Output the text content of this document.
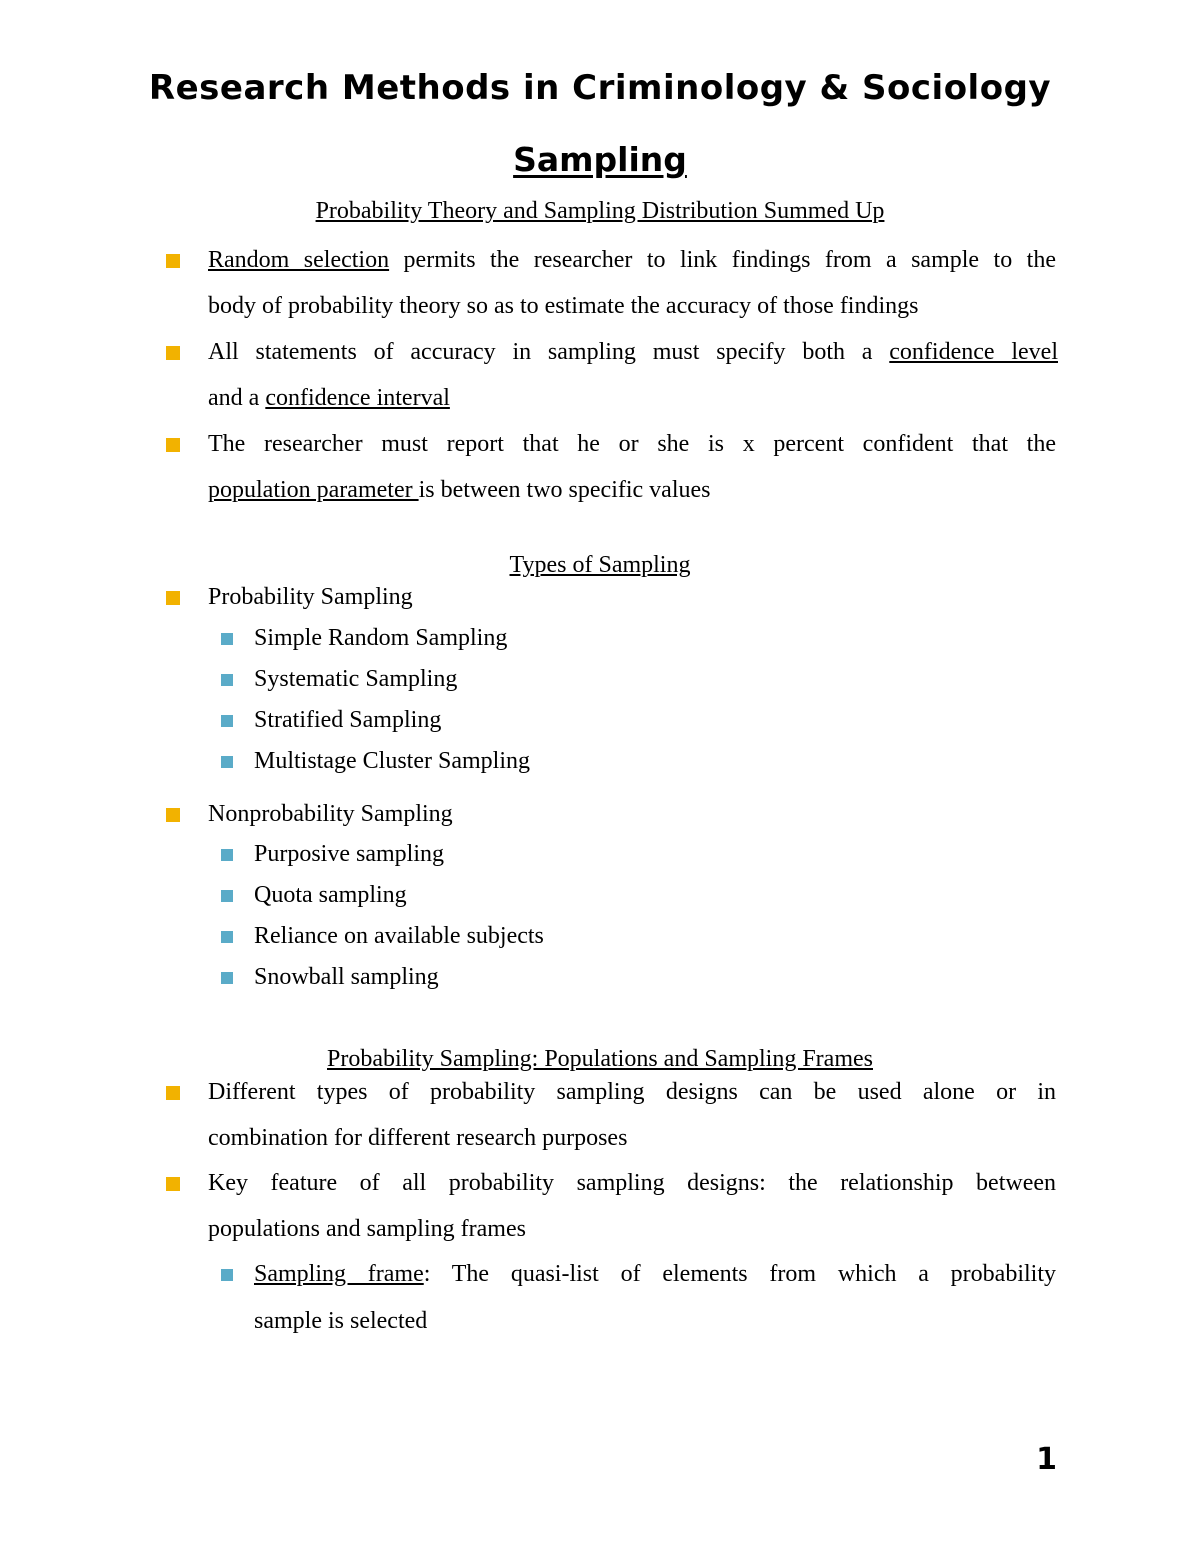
Research Methods in Criminology & Sociology
Sampling
Probability Theory and Sampling Distribution Summed Up
Random selection permits the researcher to link findings from a sample to the
body of probability theory so as to estimate the accuracy of those findings
All statements of accuracy in sampling must specify both a confidence level
and a confidence interval
The researcher must report that he or she is x percent confident that the
population parameter is between two specific values
Types of Sampling
Probability Sampling
Simple Random Sampling
Systematic Sampling
Stratified Sampling
Multistage Cluster Sampling
Nonprobability Sampling
Purposive sampling
Quota sampling
Reliance on available subjects
Snowball sampling
Probability Sampling: Populations and Sampling Frames
Different types of probability sampling designs can be used alone or in
combination for different research purposes
Key feature of all probability sampling designs: the relationship between
populations and sampling frames
Sampling frame: The quasi-list of elements from which a probability
sample is selected
1
